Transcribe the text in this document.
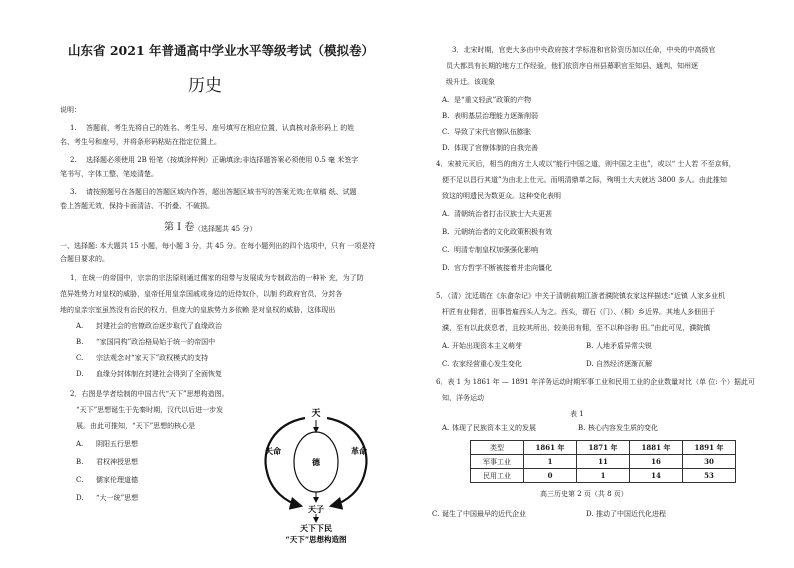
山东省 2021 年普通高中学业水平等级考试（模拟卷）
历史
说明：
1. 答题前，考生先将自己的姓名、考生号、座号填写在相应位置，认真核对条形码上 的姓
名、考生号和座号，并将条形码粘贴在指定位置上。
2. 选择题必须使用 2B 铅笔（按填涂样例）正确填涂;非选择题答案必须使用 0.5 毫 米签字
笔书写，字体工整、笔迹清楚。
3. 请按照题号在各题目的答题区域内作答，超出答题区域书写的答案无效;在草稿 纸、试题
卷上答题无效，保持卡面清洁、不折叠、不破损。
第 I 卷 （选择题共 45 分）
一、选择题: 本大题共 15 小题，每小题 3 分，共 45 分。在每小题列出的四个选项中，只有 一项是符
合题目要求的。
1．在统一的帝国中，宗亲的宗法原则通过儒家的纽带与发展成为专制政治的一种补 充，为了防
范异姓势力对皇权的威胁，皇帝任用皇亲国戚或身边的近侍奴仆，以制 约政府官员，分封各
地的皇亲宗室虽然没有治民的权力，但庞大的皇族势力多依赖 是对皇权的威胁，这体现出
A. 封建社会的官僚政治逐步取代了血缘政治
B. “家国同构”政治格局始于统一的帝国中
C. 宗法观念对“家天下”政权模式的支持
D. 血缘分封体制在封建社会得到了全面恢复
2．右图是学者绘制的中国古代“天下”思想构造图。
“天下”思想诞生于先秦时期，汉代以后进一步发
展。由此可推知，“天下”思想的核心是
A. 阴阳五行思想
B. 君权神授思想
C. 儒家伦理道德
D. “大一统”思想
天
天命
德
革命
天子
天下下民
“天下”思想构造图
3．北宋时期，官吏大多由中央政府按才学标准和官阶资历加以任命，中央的中高级官
员大都具有长期的地方工作经验，他们依资序自州县幕职官至知县、通判、知州逐
级升迁。该现象
A. 是“重文轻武”政策的产物
B. 表明基层治理能力逐渐削弱
C. 导致了宋代官僚队伍膨胀
D. 体现了官僚体制的自我完善
4．宋被元灭后，相当的南方士人或以“能行中国之道，则中国之主也”，或以“ 士人若 不至京师，
便不足以昌行其道”为由北上仕元。而明清鼎革之际，殉明士大夫就达 3800 多人。由此推知
致这的明遗民为数更众。这种变化表明
A. 清朝统治者打击汉族士大夫更甚
B. 元朝统治者的文化政策积极有效
C. 明清专制皇权加强强化影响
D. 官方哲学不断被接着并走向僵化
5．（清）沈廷瑞在《东畬杂记》中关于清朝前期江浙者濮院镇农家这样描述:“近镇 人家多业机
杆匠有业佣者，田事皆雇西头人为之。西头，谓石（门）、（桐）乡近界。其地人多佃田于
濮，至有以此获息者，且较其所出，较美田有佣，至不以种谷驹 田。”由此可见，濮院镇
A. 开始出现资本主义萌芽	B. 人地矛盾异常尖锐
C. 农家经营重心发生变化	D. 自然经济逐渐瓦解
6．表 1 为 1861 年 — 1891 年洋务运动时期军事工业和民用工业的企业数量对比（单 位: 个）据此可
知，洋务运动
表 1
A. 体现了民族资本主义的发展	B. 核心内容发生质的变化
类型	1861 年	1871 年	1881 年	1891 年
军事工业	1	11	16	30
民用工业	0	1	14	53
高三历史第 2 页（共 8 页）
C. 诞生了中国最早的近代企业	D. 推动了中国近代化进程
